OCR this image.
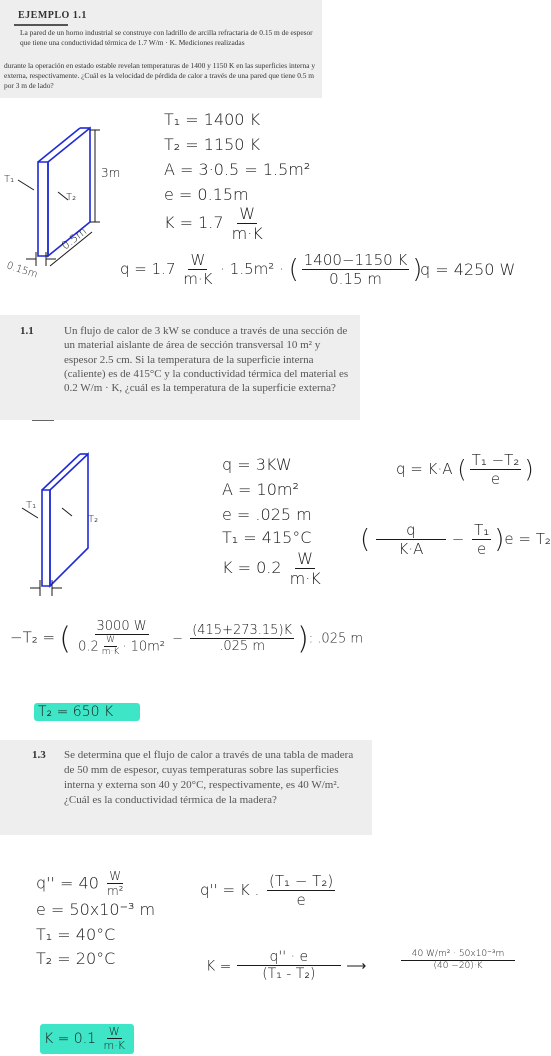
EJEMPLO 1.1
La pared de un horno industrial se construye con ladrillo de arcilla refractaria de 0.15 m de espesor que tiene una conductividad térmica de 1.7 W/m · K. Mediciones realizadas
durante la operación en estado estable revelan temperaturas de 1400 y 1150 K en las superficies interna y externa, respectivamente. ¿Cuál es la velocidad de pérdida de calor a través de una pared que tiene 0.5 m por 3 m de lado?
3m
T₁
T₂
0.5m
0.15m
T₁ = 1400 K
T₂ = 1150 K
A = 3·0.5 = 1.5m²
e = 0.15m
$K = 1.7 \frac{W}{m\cdot K}$
$q = 1.7 \frac{W}{m\cdot K} \cdot 1.5m^2$ · ( $\frac{1400-1150 K}{0.15 m}$ )
q = 4250 W
1.1	Un flujo de calor de 3 kW se conduce a través de una sección de un material aislante de área de sección transversal 10 m² y espesor 2.5 cm. Si la temperatura de la superficie interna (caliente) es de 415°C y la conductividad térmica del material es 0.2 W/m · K, ¿cuál es la temperatura de la superficie externa?
T₁
T₂
q = 3KW
A = 10m²
e = .025 m
T₁ = 415°C
$K = 0.2 \frac{W}{m\cdot K}$
q = K·A ( $\frac{\text{T₁ −T₂}}{e}$ )
( $\frac{q}{K\cdot A} - \frac{\text{T₁}}{e} )e = T_2$
−T₂ = ( $\frac{3000 W}{0.2 \frac{W}{m\cdot K} \cdot 10m^2} - \frac{(415+273.15)K}{.025 m}$ ): .025 m
T₂ = 650 K
1.3 Se determina que el flujo de calor a través de una tabla de madera de 50 mm de espesor, cuyas temperaturas sobre las superficies interna y externa son 40 y 20°C, respectivamente, es 40 W/m². ¿Cuál es la conductividad térmica de la madera?
$q'' = 40 \frac{W}{\text{m²}}$
e = 50x10⁻³ m
T₁ = 40°C
T₂ = 20°C
q'' = K . $\frac{\text{(T₁ − T₂)}}{e}$
$K = \frac{q'' \cdot e}{\text{(T₁ - T₂)}}$ ⟶	$\frac{\text{40 W/m² · 50x10⁻³m}}{(40 -20)\cdot K}$
$K = 0.1 \frac{W}{m\cdot K}$
